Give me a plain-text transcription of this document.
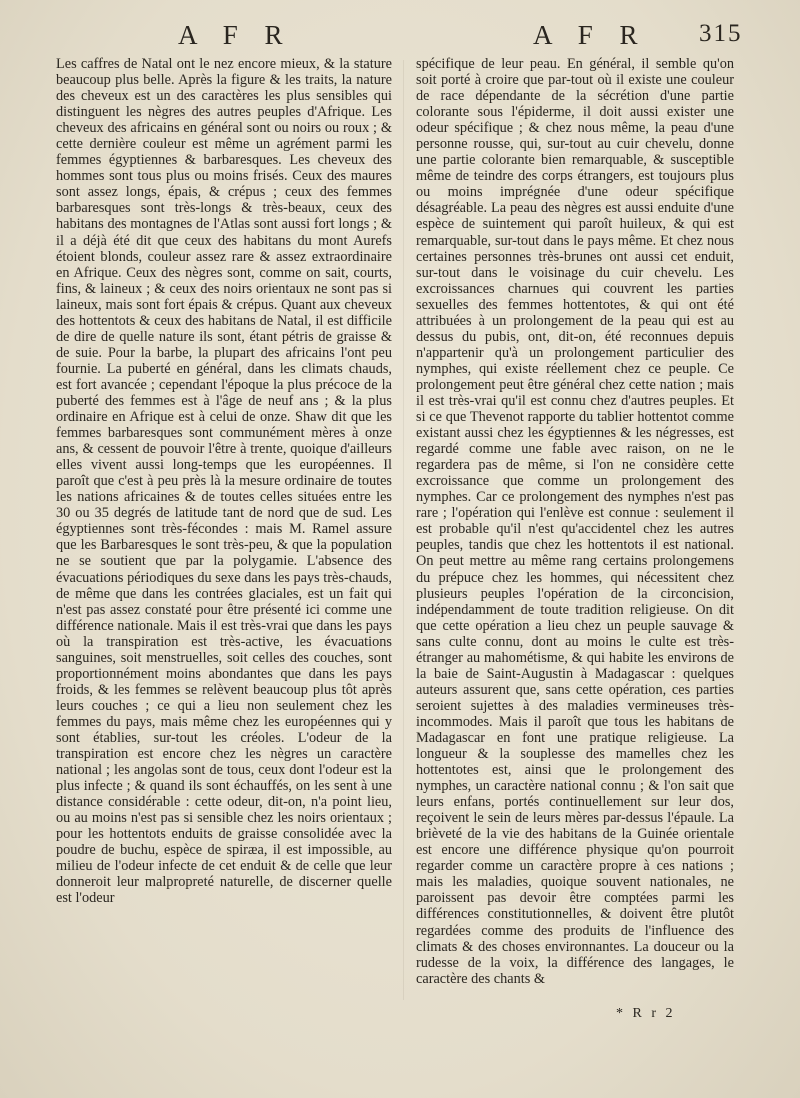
A F R	A F R 315

Les caffres de Natal ont le nez encore mieux, & la stature beaucoup plus belle. Après la figure & les traits, la nature des cheveux est un des caractères les plus sensibles qui distinguent les nègres des autres peuples d'Afrique. Les cheveux des africains en général sont ou noirs ou roux ; & cette dernière couleur est même un agrément parmi les femmes égyptiennes & barbaresques. Les cheveux des hommes sont tous plus ou moins frisés. Ceux des maures sont assez longs, épais, & crépus ; ceux des femmes barbaresques sont très-longs & très-beaux, ceux des habitans des montagnes de l'Atlas sont aussi fort longs ; & il a déjà été dit que ceux des habitans du mont Aurefs étoient blonds, couleur assez rare & assez extraordinaire en Afrique. Ceux des nègres sont, comme on sait, courts, fins, & laineux ; & ceux des noirs orientaux ne sont pas si laineux, mais sont fort épais & crépus. Quant aux cheveux des hottentots & ceux des habitans de Natal, il est difficile de dire de quelle nature ils sont, étant pétris de graisse & de suie. Pour la barbe, la plupart des africains l'ont peu fournie. La puberté en général, dans les climats chauds, est fort avancée ; cependant l'époque la plus précoce de la puberté des femmes est à l'âge de neuf ans ; & la plus ordinaire en Afrique est à celui de onze. Shaw dit que les femmes barbaresques sont communément mères à onze ans, & cessent de pouvoir l'être à trente, quoique d'ailleurs elles vivent aussi long-temps que les européennes. Il paroît que c'est à peu près là la mesure ordinaire de toutes les nations africaines & de toutes celles situées entre les 30 ou 35 degrés de latitude tant de nord que de sud. Les égyptiennes sont très-fécondes : mais M. Ramel assure que les Barbaresques le sont très-peu, & que la population ne se soutient que par la polygamie. L'absence des évacuations périodiques du sexe dans les pays très-chauds, de même que dans les contrées glaciales, est un fait qui n'est pas assez constaté pour être présenté ici comme une différence nationale. Mais il est très-vrai que dans les pays où la transpiration est très-active, les évacuations sanguines, soit menstruelles, soit celles des couches, sont proportionnément moins abondantes que dans les pays froids, & les femmes se relèvent beaucoup plus tôt après leurs couches ; ce qui a lieu non seulement chez les femmes du pays, mais même chez les européennes qui y sont établies, sur-tout les créoles. L'odeur de la transpiration est encore chez les nègres un caractère national ; les angolas sont de tous, ceux dont l'odeur est la plus infecte ; & quand ils sont échauffés, on les sent à une distance considérable : cette odeur, dit-on, n'a point lieu, ou au moins n'est pas si sensible chez les noirs orientaux ; pour les hottentots enduits de graisse consolidée avec la poudre de buchu, espèce de spiræa, il est impossible, au milieu de l'odeur infecte de cet enduit & de celle que leur donneroit leur malpropreté naturelle, de discerner quelle est l'odeur

spécifique de leur peau. En général, il semble qu'on soit porté à croire que par-tout où il existe une couleur de race dépendante de la sécrétion d'une partie colorante sous l'épiderme, il doit aussi exister une odeur spécifique ; & chez nous même, la peau d'une personne rousse, qui, sur-tout au cuir chevelu, donne une partie colorante bien remarquable, & susceptible même de teindre des corps étrangers, est toujours plus ou moins imprégnée d'une odeur spécifique désagréable. La peau des nègres est aussi enduite d'une espèce de suintement qui paroît huileux, & qui est remarquable, sur-tout dans le pays même. Et chez nous certaines personnes très-brunes ont aussi cet enduit, sur-tout dans le voisinage du cuir chevelu. Les excroissances charnues qui couvrent les parties sexuelles des femmes hottentotes, & qui ont été attribuées à un prolongement de la peau qui est au dessus du pubis, ont, dit-on, été reconnues depuis n'appartenir qu'à un prolongement particulier des nymphes, qui existe réellement chez ce peuple. Ce prolongement peut être général chez cette nation ; mais il est très-vrai qu'il est connu chez d'autres peuples. Et si ce que Thevenot rapporte du tablier hottentot comme existant aussi chez les égyptiennes & les négresses, est regardé comme une fable avec raison, on ne le regardera pas de même, si l'on ne considère cette excroissance que comme un prolongement des nymphes. Car ce prolongement des nymphes n'est pas rare ; l'opération qui l'enlève est connue : seulement il est probable qu'il n'est qu'accidentel chez les autres peuples, tandis que chez les hottentots il est national. On peut mettre au même rang certains prolongemens du prépuce chez les hommes, qui nécessitent chez plusieurs peuples l'opération de la circoncision, indépendamment de toute tradition religieuse. On dit que cette opération a lieu chez un peuple sauvage & sans culte connu, dont au moins le culte est très-étranger au mahométisme, & qui habite les environs de la baie de Saint-Augustin à Madagascar : quelques auteurs assurent que, sans cette opération, ces parties seroient sujettes à des maladies vermineuses très-incommodes. Mais il paroît que tous les habitans de Madagascar en font une pratique religieuse. La longueur & la souplesse des mamelles chez les hottentotes est, ainsi que le prolongement des nymphes, un caractère national connu ; & l'on sait que leurs enfans, portés continuellement sur leur dos, reçoivent le sein de leurs mères par-dessus l'épaule. La brièveté de la vie des habitans de la Guinée orientale est encore une différence physique qu'on pourroit regarder comme un caractère propre à ces nations ; mais les maladies, quoique souvent nationales, ne paroissent pas devoir être comptées parmi les différences constitutionnelles, & doivent être plutôt regardées comme des produits de l'influence des climats & des choses environnantes. La douceur ou la rudesse de la voix, la différence des langages, le caractère des chants &

* R r 2
